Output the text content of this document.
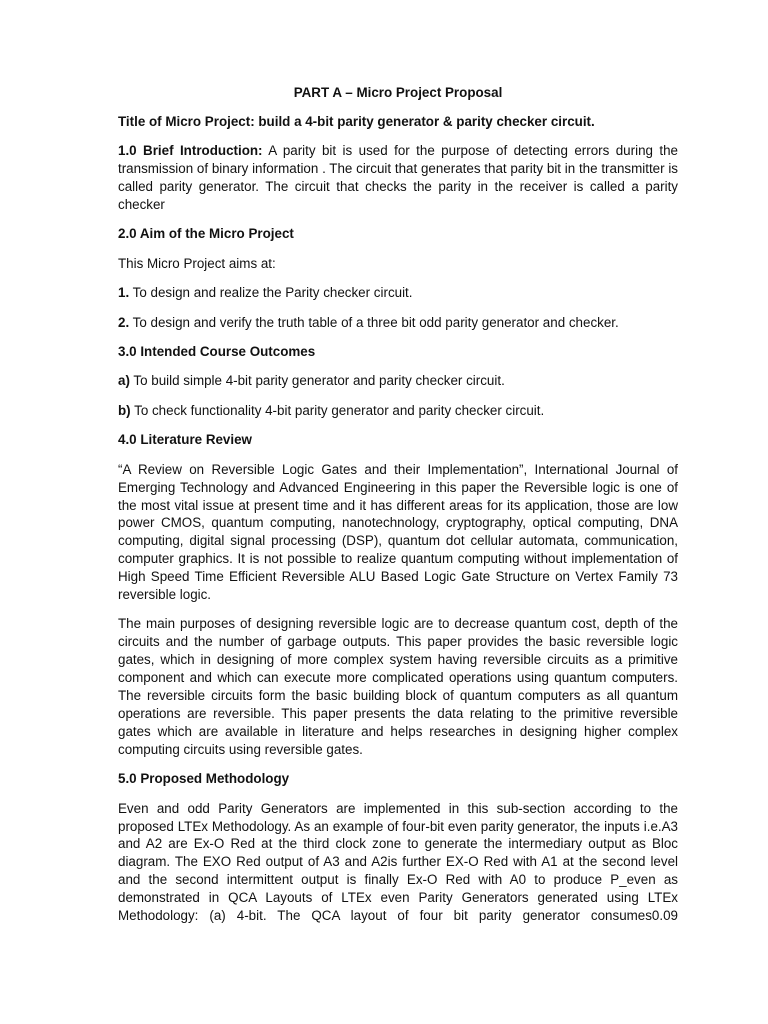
PART A – Micro Project Proposal

Title of Micro Project: build a 4-bit parity generator & parity checker circuit.

1.0 Brief Introduction: A parity bit is used for the purpose of detecting errors during the transmission of binary information . The circuit that generates that parity bit in the transmitter is called parity generator. The circuit that checks the parity in the receiver is called a parity checker

2.0 Aim of the Micro Project

This Micro Project aims at:

1. To design and realize the Parity checker circuit.

2. To design and verify the truth table of a three bit odd parity generator and checker.

3.0 Intended Course Outcomes

a) To build simple 4-bit parity generator and parity checker circuit.

b) To check functionality 4-bit parity generator and parity checker circuit.

4.0 Literature Review

“A Review on Reversible Logic Gates and their Implementation”, International Journal of Emerging Technology and Advanced Engineering in this paper the Reversible logic is one of the most vital issue at present time and it has different areas for its application, those are low power CMOS, quantum computing, nanotechnology, cryptography, optical computing, DNA computing, digital signal processing (DSP), quantum dot cellular automata, communication, computer graphics. It is not possible to realize quantum computing without implementation of High Speed Time Efficient Reversible ALU Based Logic Gate Structure on Vertex Family 73 reversible logic.

The main purposes of designing reversible logic are to decrease quantum cost, depth of the circuits and the number of garbage outputs. This paper provides the basic reversible logic gates, which in designing of more complex system having reversible circuits as a primitive component and which can execute more complicated operations using quantum computers. The reversible circuits form the basic building block of quantum computers as all quantum operations are reversible. This paper presents the data relating to the primitive reversible gates which are available in literature and helps researches in designing higher complex computing circuits using reversible gates.

5.0 Proposed Methodology

Even and odd Parity Generators are implemented in this sub-section according to the proposed LTEx Methodology. As an example of four-bit even parity generator, the inputs i.e.A3 and A2 are Ex-O Red at the third clock zone to generate the intermediary output as Bloc diagram. The EXO Red output of A3 and A2is further EX-O Red with A1 at the second level and the second intermittent output is finally Ex-O Red with A0 to produce P_even as demonstrated in QCA Layouts of LTEx even Parity Generators generated using LTEx Methodology: (a) 4-bit. The QCA layout of four bit parity generator consumes0.09
